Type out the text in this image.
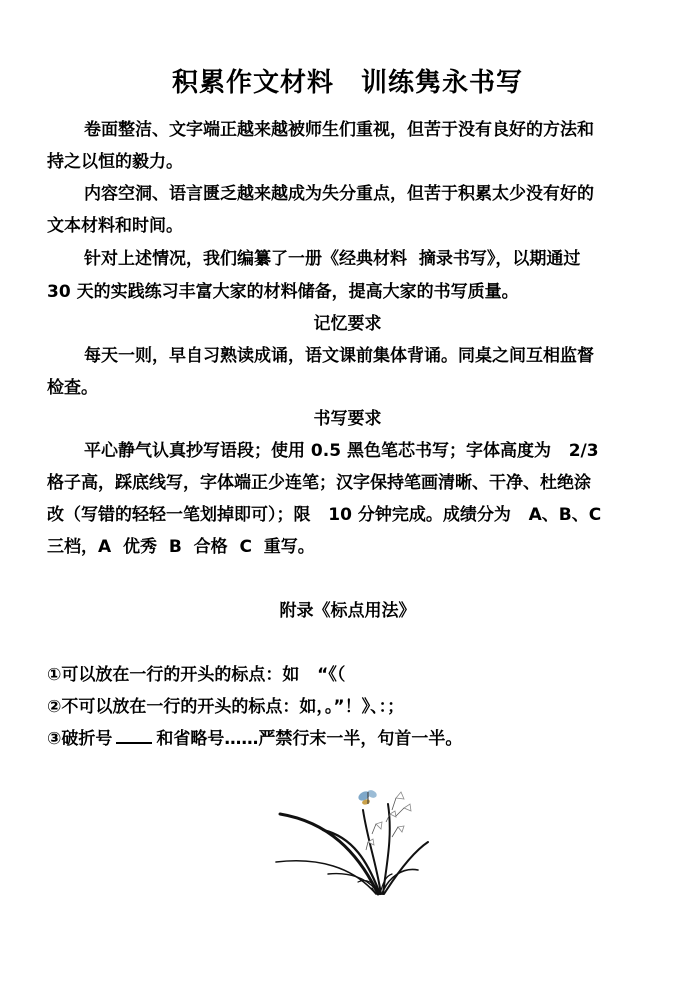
积累作文材料　训练隽永书写
卷面整洁、文字端正越来越被师生们重视，但苦于没有良好的方法和
持之以恒的毅力。
内容空洞、语言匮乏越来越成为失分重点，但苦于积累太少没有好的
文本材料和时间。
针对上述情况，我们编纂了一册《经典材料  摘录书写》，以期通过
30 天的实践练习丰富大家的材料储备，提高大家的书写质量。
记忆要求
每天一则，早自习熟读成诵，语文课前集体背诵。同桌之间互相监督
检查。
书写要求
平心静气认真抄写语段；使用 0.5 黑色笔芯书写；字体高度为   2/3
格子高，踩底线写，字体端正少连笔；汉字保持笔画清晰、干净、杜绝涂
改（写错的轻轻一笔划掉即可）；限   10 分钟完成。成绩分为   A、B、C
三档，A  优秀  B  合格  C  重写。
附录《标点用法》
①可以放在一行的开头的标点：如   “《（
②不可以放在一行的开头的标点：如，。”！》、：；
③破折号	和省略号……严禁行末一半，句首一半。
